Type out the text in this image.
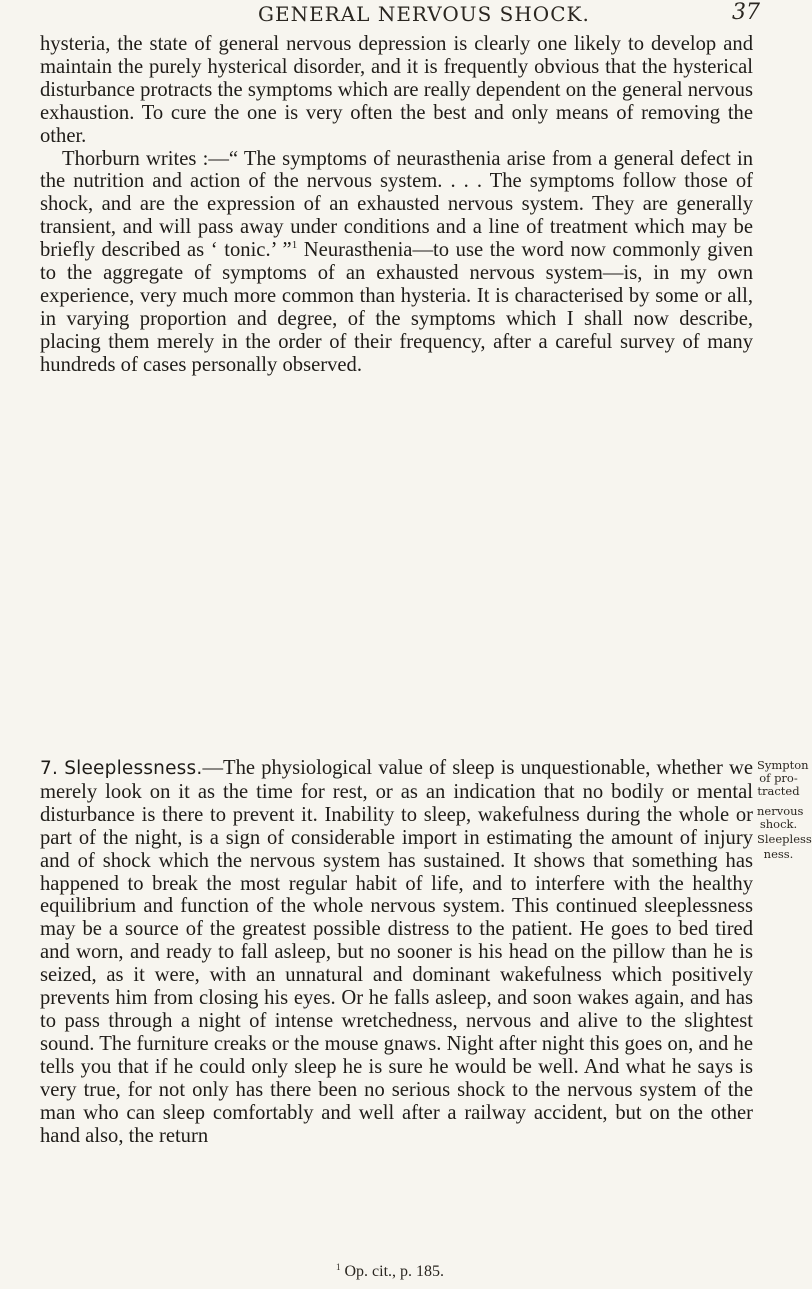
GENERAL NERVOUS SHOCK.	37

hysteria, the state of general nervous depression is clearly one likely to develop and maintain the purely hysterical disorder, and it is frequently obvious that the hysterical disturbance protracts the symptoms which are really dependent on the general nervous exhaustion. To cure the one is very often the best and only means of removing the other.
Thorburn writes :—“ The symptoms of neurasthenia arise from a general defect in the nutrition and action of the nervous system. . . . The symptoms follow those of shock, and are the expression of an exhausted nervous system. They are generally transient, and will pass away under conditions and a line of treatment which may be briefly described as ‘ tonic.’ ”$^1$ Neurasthenia—to use the word now commonly given to the aggregate of symptoms of an exhausted nervous system—is, in my own experience, very much more common than hysteria. It is characterised by some or all, in varying proportion and degree, of the symptoms which I shall now describe, placing them merely in the order of their frequency, after a careful survey of many hundreds of cases personally observed.

7. Sleeplessness.—The physiological value of sleep is unquestionable, whether we merely look on it as the time for rest, or as an indication that no bodily or mental disturbance is there to prevent it. Inability to sleep, wakefulness during the whole or part of the night, is a sign of considerable import in estimating the amount of injury and of shock which the nervous system has sustained. It shows that something has happened to break the most regular habit of life, and to interfere with the healthy equilibrium and function of the whole nervous system. This continued sleeplessness may be a source of the greatest possible distress to the patient. He goes to bed tired and worn, and ready to fall asleep, but no sooner is his head on the pillow than he is seized, as it were, with an unnatural and dominant wakefulness which positively prevents him from closing his eyes. Or he falls asleep, and soon wakes again, and has to pass through a night of intense wretchedness, nervous and alive to the slightest sound. The furniture creaks or the mouse gnaws. Night after night this goes on, and he tells you that if he could only sleep he is sure he would be well. And what he says is very true, for not only has there been no serious shock to the nervous system of the man who can sleep comfortably and well after a railway accident, but on the other hand also, the return

Sympton
of pro-
tracted
nervous
shock.
Sleepless
ness.
$^1$ Op. cit., p. 185.
